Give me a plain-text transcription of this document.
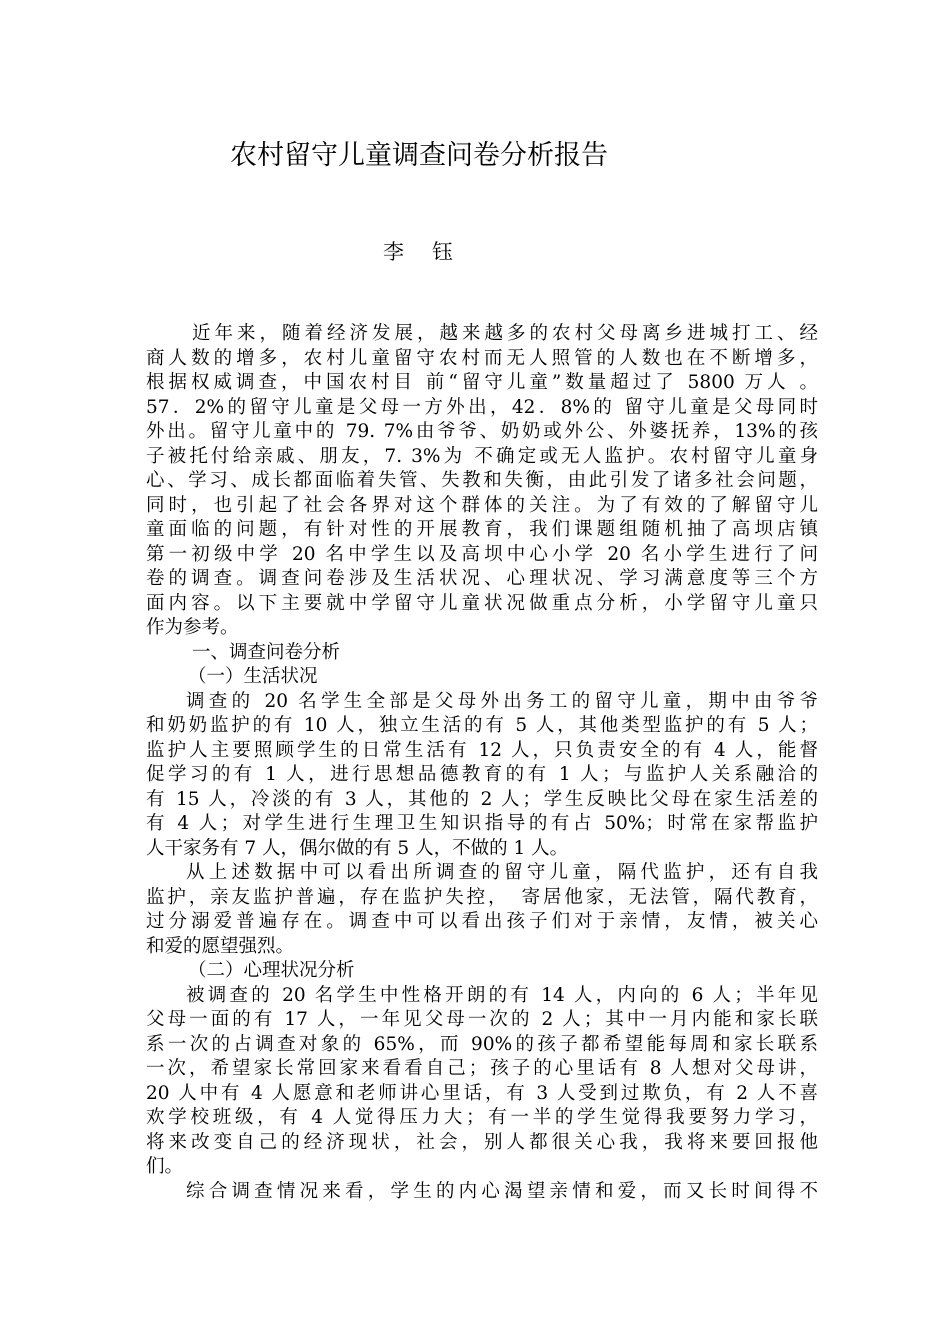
农村留守儿童调查问卷分析报告
李钰
近年来，随着经济发展，越来越多的农村父母离乡进城打工、经
商人数的增多，农村儿童留守农村而无人照管的人数也在不断增多，
根据权威调查，中国农村目 前“留守儿童”数量超过了 5800 万人 。
57．2%的留守儿童是父母一方外出，42．8%的 留守儿童是父母同时
外出。留守儿童中的 79. 7%由爷爷、奶奶或外公、外婆抚养，13%的孩
子被托付给亲戚、朋友，7. 3%为 不确定或无人监护。农村留守儿童身
心、学习、成长都面临着失管、失教和失衡，由此引发了诸多社会问题，
同时，也引起了社会各界对这个群体的关注。为了有效的了解留守儿
童面临的问题，有针对性的开展教育，我们课题组随机抽了高坝店镇
第一初级中学 20 名中学生以及高坝中心小学 20 名小学生进行了问
卷的调查。调查问卷涉及生活状况、心理状况、学习满意度等三个方
面内容。以下主要就中学留守儿童状况做重点分析，小学留守儿童只
作为参考。
一、调查问卷分析
（一）生活状况
调查的 20 名学生全部是父母外出务工的留守儿童，期中由爷爷
和奶奶监护的有 10 人，独立生活的有 5 人，其他类型监护的有 5 人；
监护人主要照顾学生的日常生活有 12 人，只负责安全的有 4 人，能督
促学习的有 1 人，进行思想品德教育的有 1 人；与监护人关系融洽的
有 15 人，冷淡的有 3 人，其他的 2 人；学生反映比父母在家生活差的
有 4 人；对学生进行生理卫生知识指导的有占 50%；时常在家帮监护
人干家务有 7 人，偶尔做的有 5 人，不做的 1 人。
从上述数据中可以看出所调查的留守儿童，隔代监护，还有自我
监护，亲友监护普遍，存在监护失控，　寄居他家，无法管，隔代教育，
过分溺爱普遍存在。调查中可以看出孩子们对于亲情，友情，被关心
和爱的愿望强烈。
（二）心理状况分析
被调查的 20 名学生中性格开朗的有 14 人，内向的 6 人；半年见
父母一面的有 17 人，一年见父母一次的 2 人；其中一月内能和家长联
系一次的占调查对象的 65%，而 90%的孩子都希望能每周和家长联系
一次，希望家长常回家来看看自己；孩子的心里话有 8 人想对父母讲，
20 人中有 4 人愿意和老师讲心里话，有 3 人受到过欺负，有 2 人不喜
欢学校班级，有 4 人觉得压力大；有一半的学生觉得我要努力学习，
将来改变自己的经济现状，社会，别人都很关心我，我将来要回报他
们。
综合调查情况来看，学生的内心渴望亲情和爱，而又长时间得不
